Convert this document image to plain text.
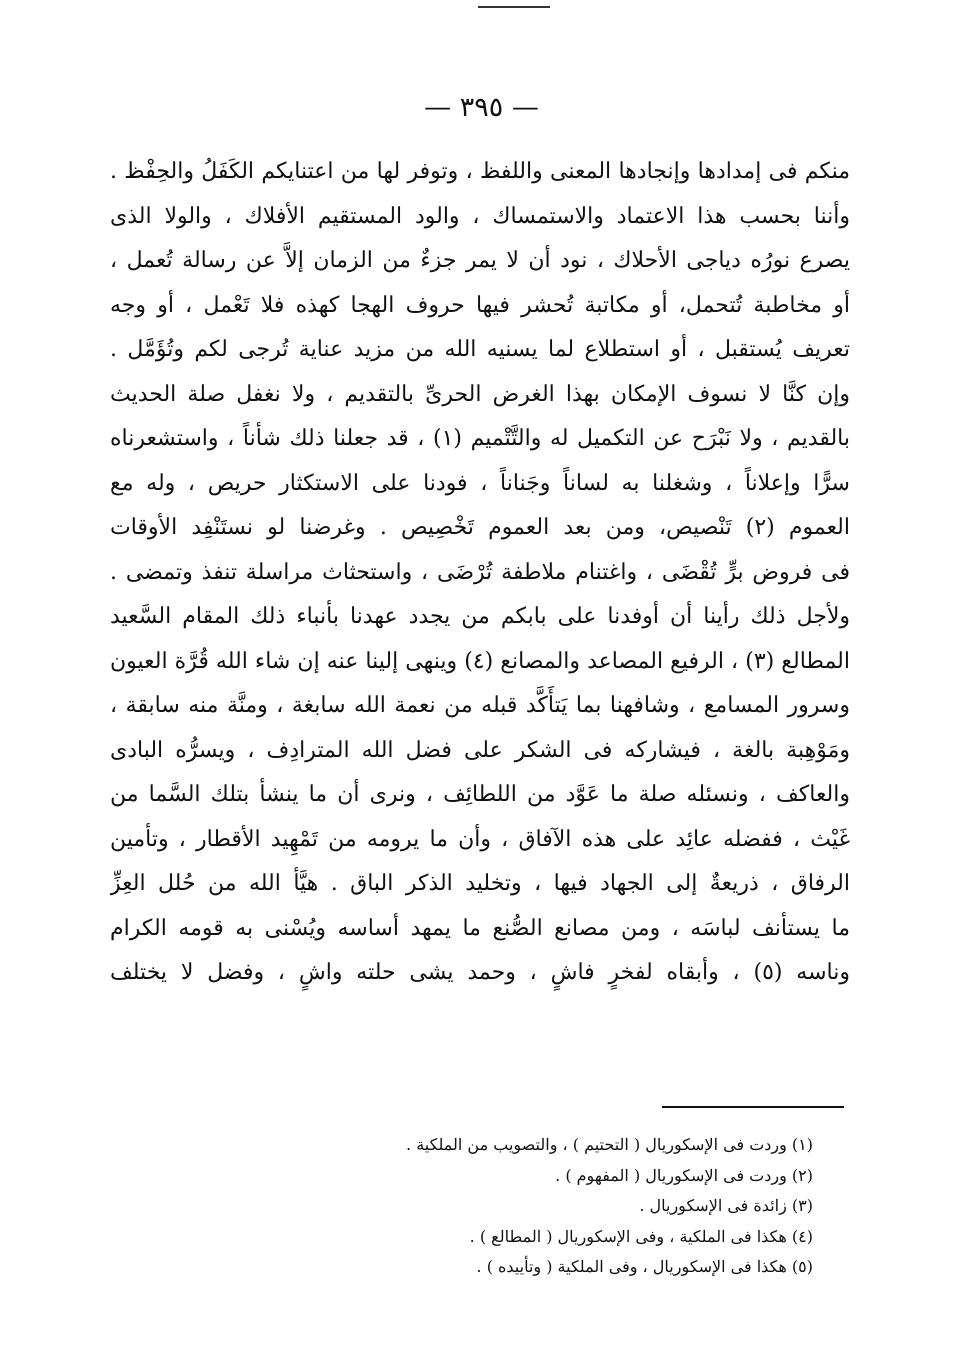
— ٣٩٥ —
منكم فى إمدادها وإنجادها المعنى واللفظ ، وتوفر لها من اعتنايكم الكَفَلُ والحِفْظ .
وأننا بحسب هذا الاعتماد والاستمساك ، والود المستقيم الأفلاك ، والولا الذى
يصرع نورُه دياجى الأحلاك ، نود أن لا يمر جزءٌ من الزمان إلاَّ عن رسالة تُعمل ،
أو مخاطبة تُتحمل، أو مكاتبة تُحشر فيها حروف الهجا كهذه فلا تَعْمل ، أو وجه
تعريف يُستقبل ، أو استطلاع لما يسنيه الله من مزيد عناية تُرجى لكم وتُؤَمَّل .
وإن كنَّا لا نسوف الإمكان بهذا الغرض الحرىِّ بالتقديم ، ولا نغفل صلة الحديث
بالقديم ، ولا نَبْرَح عن التكميل له والتَّتْميم (١) ، قد جعلنا ذلك شأناً ، واستشعرناه
سرًّا وإعلاناً ، وشغلنا به لساناً وجَناناً ، فودنا على الاستكثار حريص ، وله مع
العموم (٢) تَنْصيص، ومن بعد العموم تَخْصِيص . وغرضنا لو نستَنْفِد الأوقات
فى فروض برٍّ تُقْضَى ، واغتنام ملاطفة تُرْضَى ، واستحثاث مراسلة تنفذ وتمضى .
ولأجل ذلك رأينا أن أوفدنا على بابكم من يجدد عهدنا بأنباء ذلك المقام السَّعيد
المطالع (٣) ، الرفيع المصاعد والمصانع (٤) وينهى إلينا عنه إن شاء الله قُرَّة العيون
وسرور المسامع ، وشافهنا بما يَتأَكَّد قبله من نعمة الله سابغة ، ومنَّة منه سابقة ،
ومَوْهِبة بالغة ، فيشاركه فى الشكر على فضل الله المترادِف ، ويسرُّه البادى
والعاكف ، ونسئله صلة ما عَوَّد من اللطائِف ، ونرى أن ما ينشأ بتلك السَّما من
غَيْث ، ففضله عائِد على هذه الآفاق ، وأن ما يرومه من تَمْهِيد الأقطار ، وتأمين
الرفاق ، ذريعةٌ إلى الجهاد فيها ، وتخليد الذكر الباق . هيَّأ الله من حُلل العِزِّ
ما يستأنف لباسَه ، ومن مصانع الصُّنع ما يمهد أساسه ويُسْنى به قومه الكرام
وناسه (٥) ، وأبقاه لفخرٍ فاشٍ ، وحمد يشى حلته واشٍ ، وفضل لا يختلف
(١) وردت فى الإسكوريال ( التحتيم ) ، والتصويب من الملكية .
(٢) وردت فى الإسكوريال ( المفهوم ) .
(٣) زائدة فى الإسكوريال .
(٤) هكذا فى الملكية ، وفى الإسكوريال ( المطالع ) .
(٥) هكذا فى الإسكوريال ، وفى الملكية ( وتأييده ) .
